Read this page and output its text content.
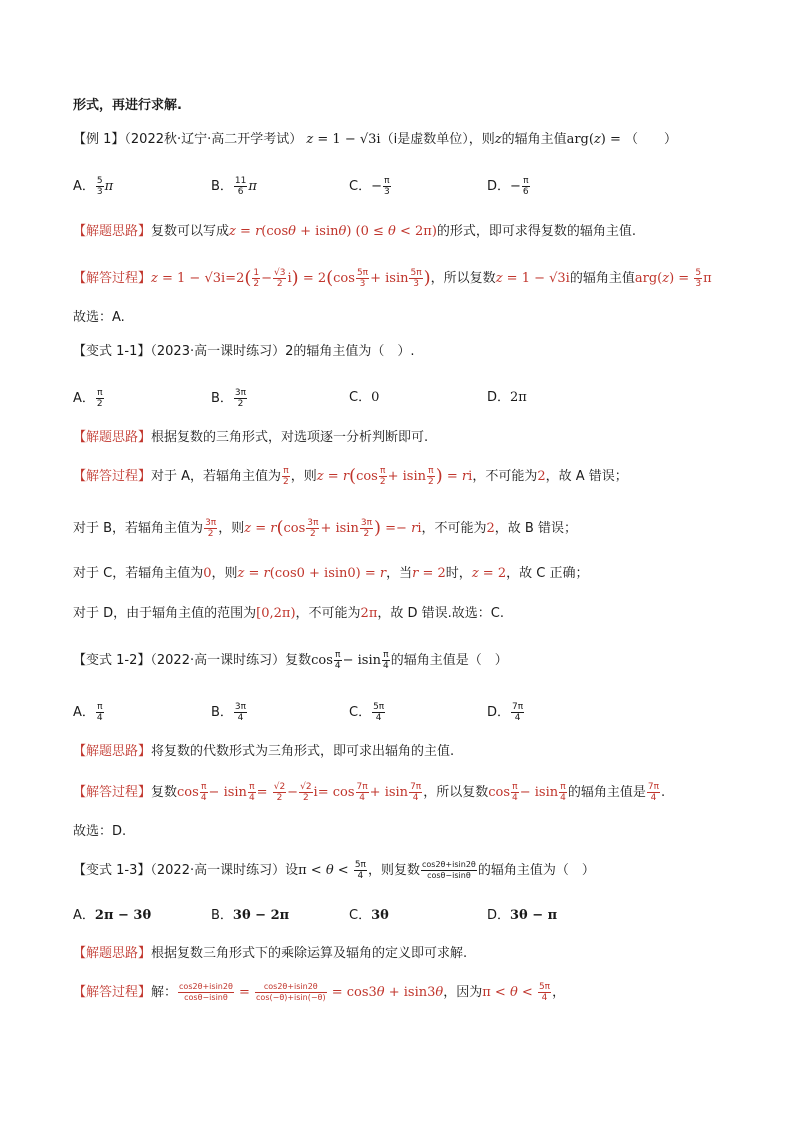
形式，再进行求解.
【例 1】（2022秋·辽宁·高二开学考试） z = 1 − √3i（i是虚数单位），则z的辐角主值arg(z) = （　　）
A． $\frac{5}{3}$ π	B． $\frac{11}{6}$ π	C．− $\frac{\pi}{3}$	D．− $\frac{\pi}{6}$
【解题思路】复数可以写成z = r(cosθ + isinθ) (0 ≤ θ < 2π)的形式，即可求得复数的辐角主值.
【解答过程】$z = 1 - √3i=2( \frac{1}{2} - \frac{√3}{2} i) = 2(\cos \frac{5\pi}{3} + isin \frac{5\pi}{3}$ )，所以复数z = 1 − √3i的辐角主值$arg(z) = \frac{5}{3}$ π
故选：A.
【变式 1-1】（2023·高一课时练习）2的辐角主值为（　）.
A． $\frac{\pi}{2}$	B． $\frac{3\pi}{2}$	C．0	D．2π
【解题思路】根据复数的三角形式，对选项逐一分析判断即可.
【解答过程】对于 A，若辐角主值为 $\frac{\pi}{2}$ ，则$z = r(\cos \frac{\pi}{2} + isin \frac{\pi}{2}$ ) = ri，不可能为2，故 A 错误；
对于 B，若辐角主值为 $\frac{3\pi}{2}$ ，则$z = r(\cos \frac{3\pi}{2} + isin \frac{3\pi}{2}$ ) =− ri，不可能为2，故 B 错误；
对于 C，若辐角主值为0，则z = r(cos0 + isin0) = r，当r = 2时，z = 2，故 C 正确；
对于 D，由于辐角主值的范围为[0,2π)，不可能为2π，故 D 错误.故选：C.
【变式 1-2】（2022·高一课时练习）复数$\cos \frac{\pi}{4} - isin \frac{\pi}{4}$ 的辐角主值是（　）
A． $\frac{\pi}{4}$	B． $\frac{3\pi}{4}$	C． $\frac{5\pi}{4}$	D． $\frac{7\pi}{4}$
【解题思路】将复数的代数形式为三角形式，即可求出辐角的主值.
【解答过程】复数$\cos \frac{\pi}{4} - isin \frac{\pi}{4} = \frac{√2}{2} - \frac{√2}{2} i= \cos \frac{7\pi}{4} + isin \frac{7\pi}{4}$ ，所以复数$\cos \frac{\pi}{4} - isin \frac{\pi}{4}$ 的辐角主值是 $\frac{7\pi}{4}$ .
故选：D.
【变式 1-3】（2022·高一课时练习）设$\pi < \theta < \frac{5\pi}{4}$ ，则复数 $\frac{\cos 2\theta+isin2\theta}{\cos\theta-isin\theta}$ 的辐角主值为（　）
A．2π − 3θ	B．3θ − 2π	C．3θ	D．3θ − π
【解题思路】根据复数三角形式下的乘除运算及辐角的定义即可求解.
【解答过程】解： $\frac{\cos 2\theta+isin2\theta}{\cos\theta-isin\theta} = \frac{\cos 2\theta+isin2\theta}{\cos(-\theta)+isin(-\theta)} = \cos 3\theta + isin3\theta$，因为$\pi < \theta < \frac{5\pi}{4}$ ，
